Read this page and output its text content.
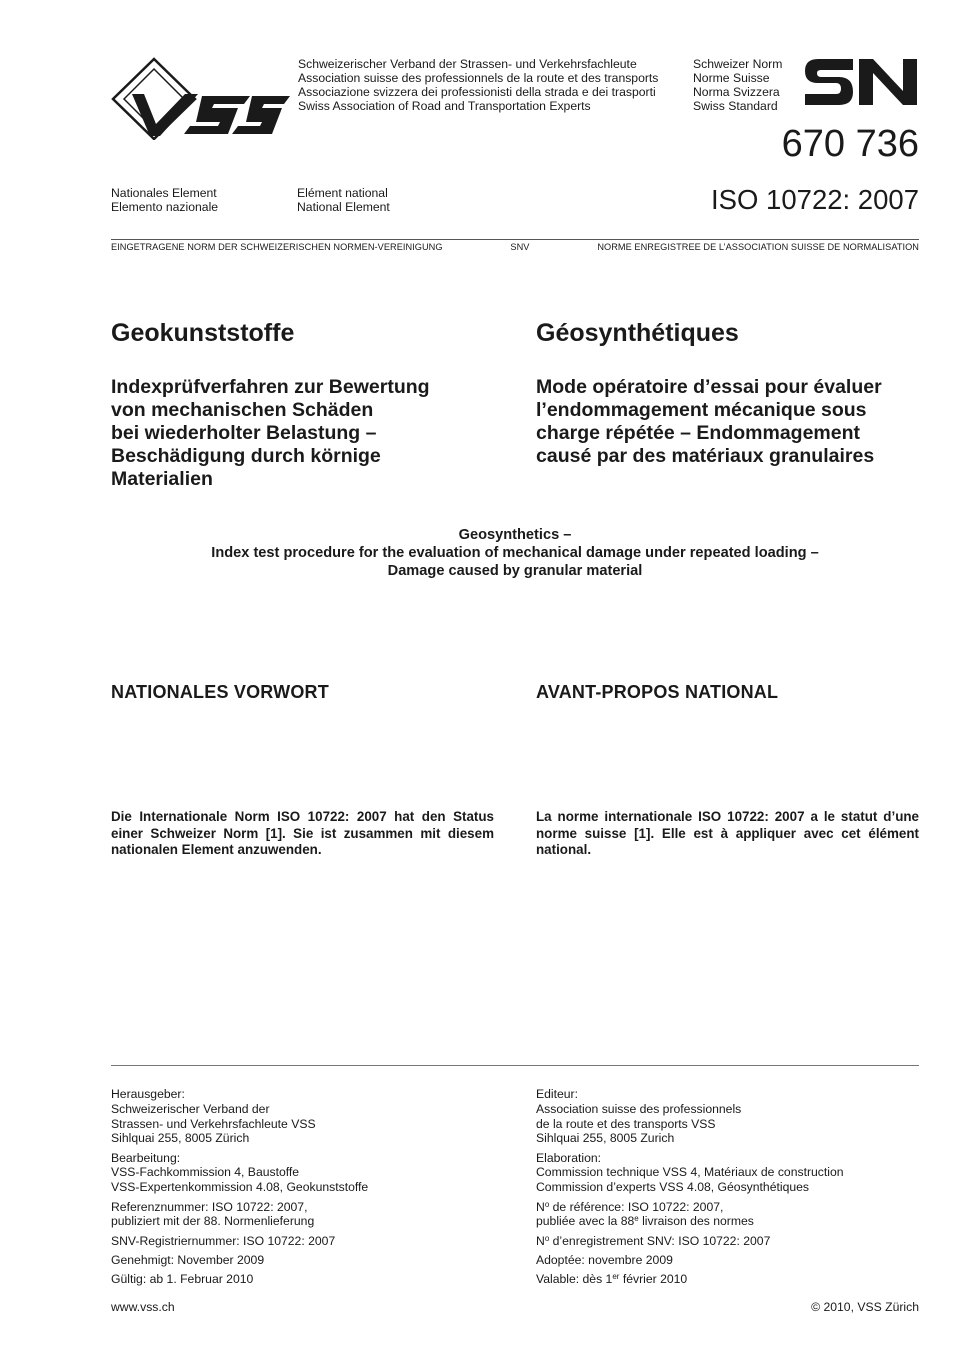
Schweizerischer Verband der Strassen- und Verkehrsfachleute
Association suisse des professionnels de la route et des transports
Associazione svizzera dei professionisti della strada e dei trasporti
Swiss Association of Road and Transportation Experts
Schweizer Norm
Norme Suisse
Norma Svizzera
Swiss Standard
670 736
ISO 10722: 2007
Nationales Element
Elemento nazionale
Elément national
National Element
EINGETRAGENE NORM DER SCHWEIZERISCHEN NORMEN-VEREINIGUNG	SNV	NORME ENREGISTREE DE L’ASSOCIATION SUISSE DE NORMALISATION
Geokunststoffe	Géosynthétiques
Indexprüfverfahren zur Bewertung
von mechanischen Schäden
bei wiederholter Belastung –
Beschädigung durch körnige
Materialien
Mode opératoire d’essai pour évaluer
l’endommagement mécanique sous
charge répétée – Endommagement
causé par des matériaux granulaires
Geosynthetics –
Index test procedure for the evaluation of mechanical damage under repeated loading –
Damage caused by granular material
NATIONALES VORWORT	AVANT-PROPOS NATIONAL
Die Internationale Norm ISO 10722: 2007 hat den Status einer Schweizer Norm [1]. Sie ist zusammen mit diesem nationalen Element anzuwenden.
La norme internationale ISO 10722: 2007 a le statut d’une norme suisse [1]. Elle est à appliquer avec cet élément national.
Herausgeber:
Schweizerischer Verband der
Strassen- und Verkehrsfachleute VSS
Sihlquai 255, 8005 Zürich
Bearbeitung:
VSS-Fachkommission 4, Baustoffe
VSS-Expertenkommission 4.08, Geokunststoffe
Referenznummer: ISO 10722: 2007,
publiziert mit der 88. Normenlieferung
SNV-Registriernummer: ISO 10722: 2007
Genehmigt: November 2009
Gültig: ab 1. Februar 2010
Editeur:
Association suisse des professionnels
de la route et des transports VSS
Sihlquai 255, 8005 Zurich
Elaboration:
Commission technique VSS 4, Matériaux de construction
Commission d’experts VSS 4.08, Géosynthétiques
$N^o$ de référence: ISO 10722: 2007,
publiée avec la 88e livraison des normes
$N^o$ d’enregistrement SNV: ISO 10722: 2007
Adoptée: novembre 2009
Valable: dès 1er février 2010
www.vss.ch	© 2010, VSS Zürich
